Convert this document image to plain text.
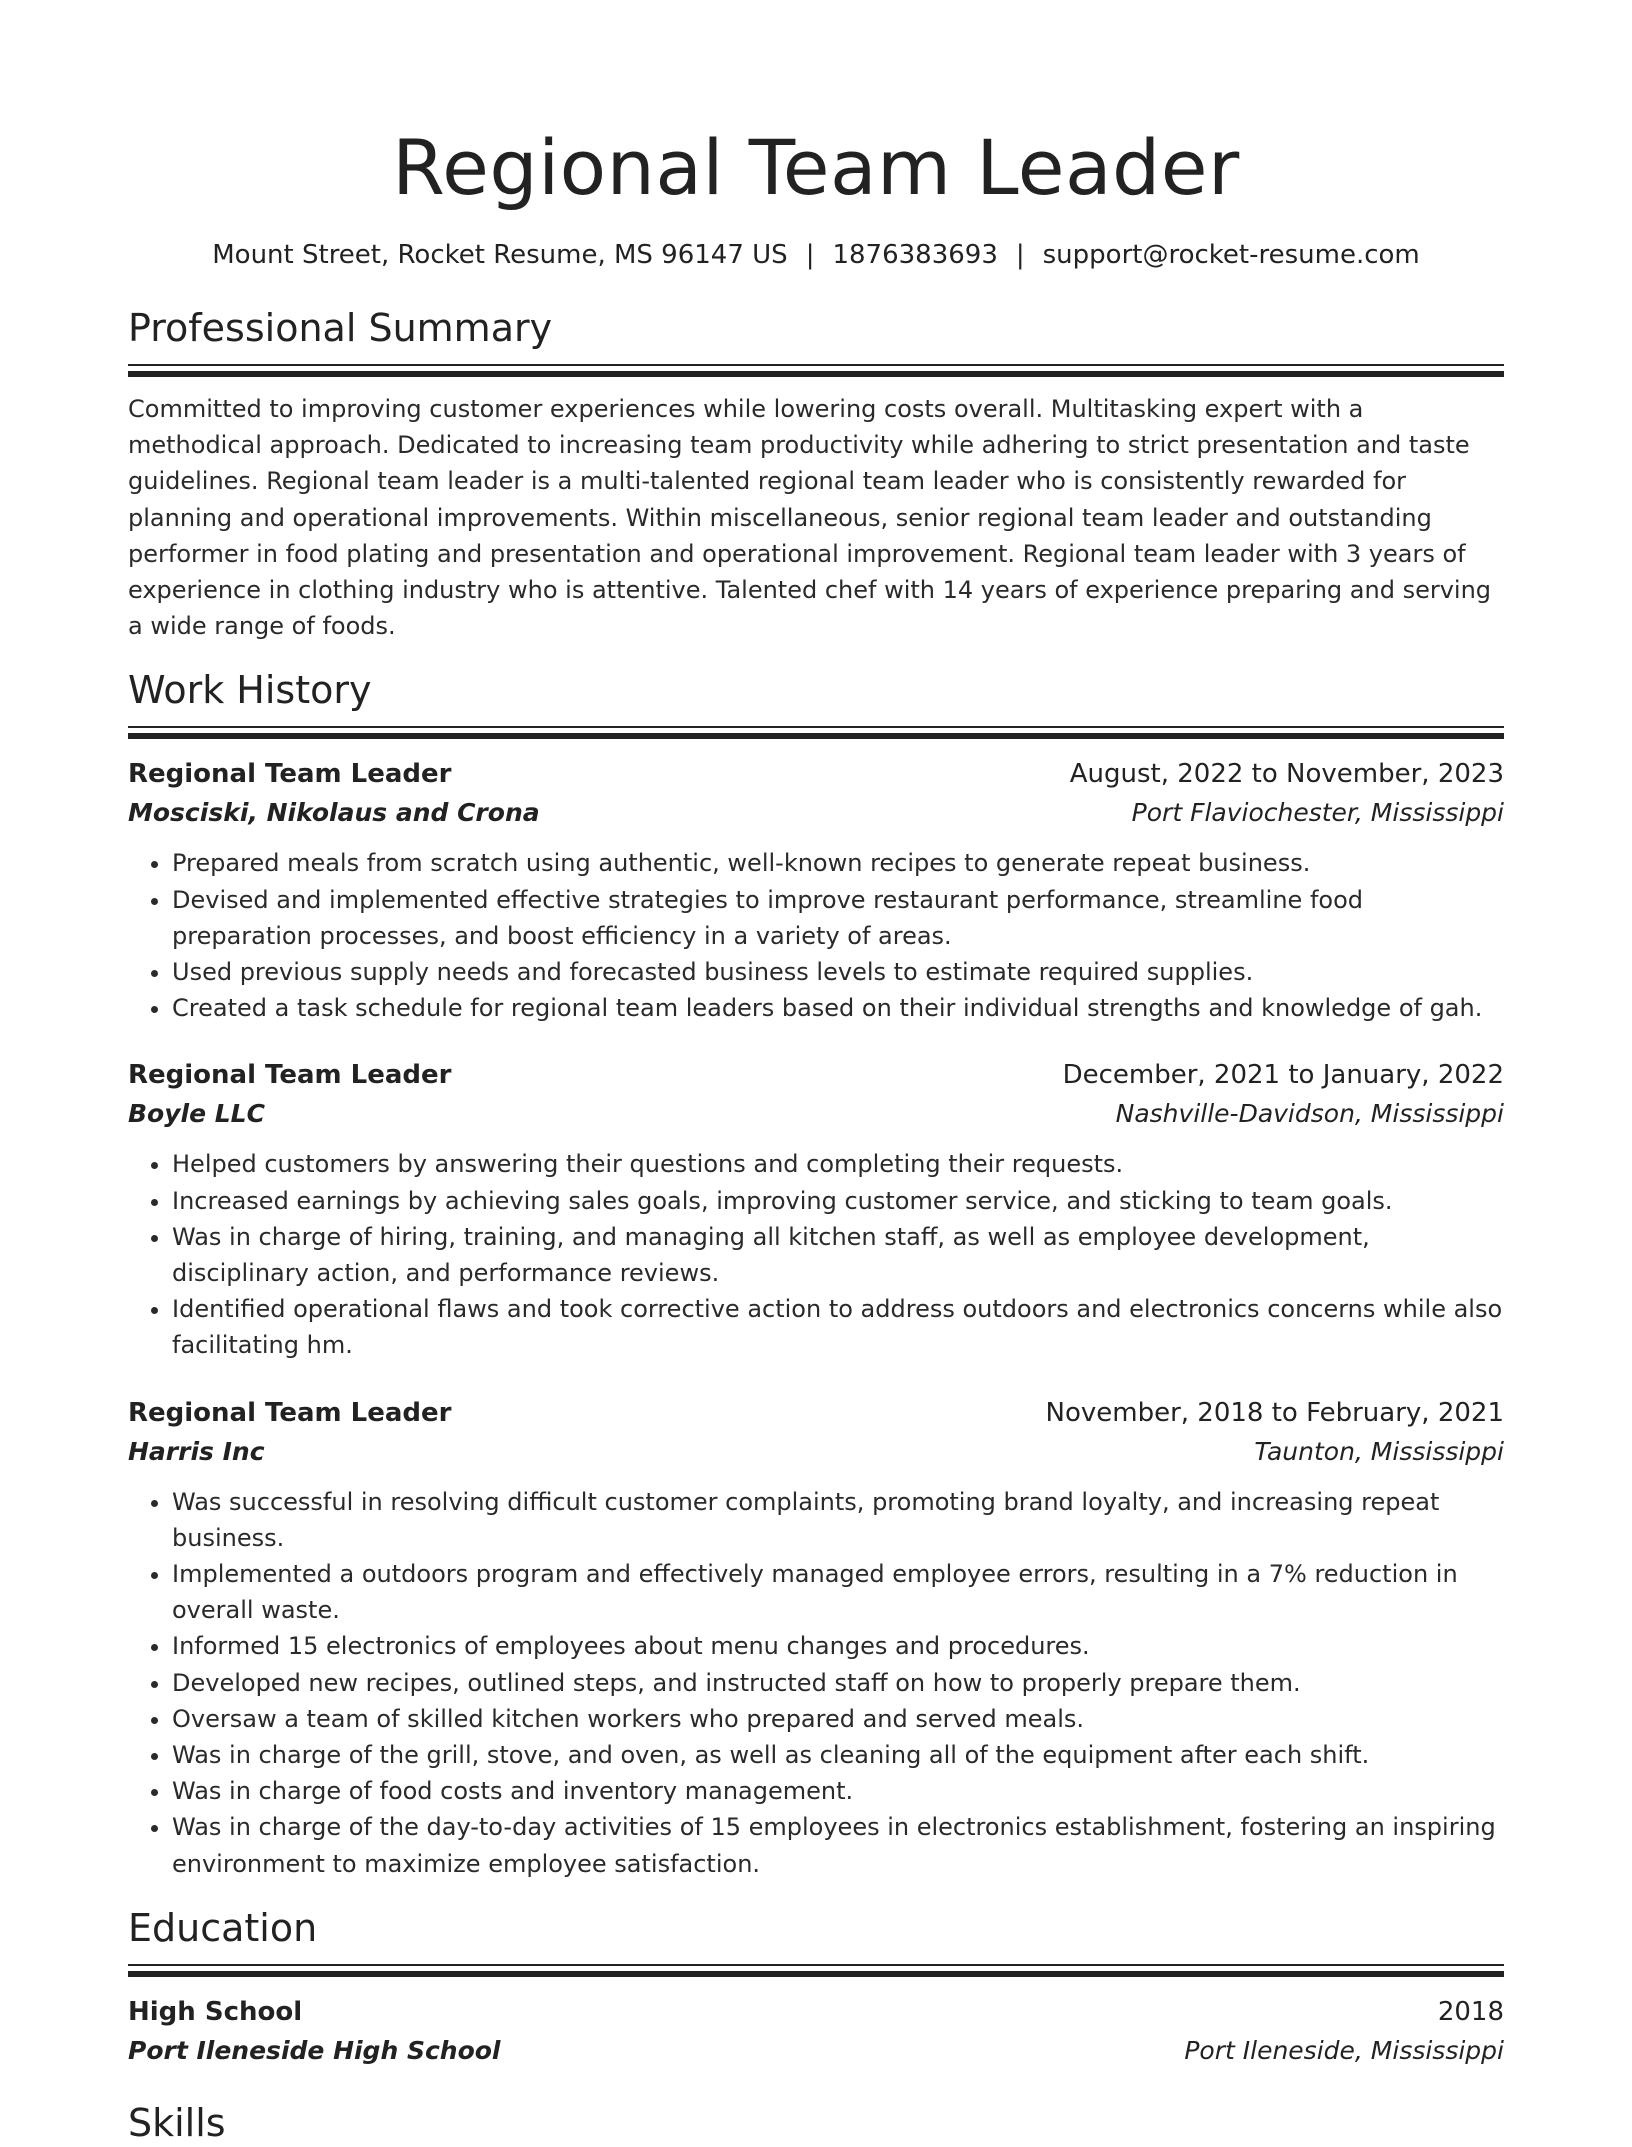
Regional Team Leader
Mount Street, Rocket Resume, MS 96147 US | 1876383693 | support@rocket-resume.com
Professional Summary

Committed to improving customer experiences while lowering costs overall. Multitasking expert with a methodical approach. Dedicated to increasing team productivity while adhering to strict presentation and taste guidelines. Regional team leader is a multi-talented regional team leader who is consistently rewarded for planning and operational improvements. Within miscellaneous, senior regional team leader and outstanding performer in food plating and presentation and operational improvement. Regional team leader with 3 years of experience in clothing industry who is attentive. Talented chef with 14 years of experience preparing and serving a wide range of foods.

Work History
Regional Team Leader	August, 2022 to November, 2023
Mosciski, Nikolaus and Crona	Port Flaviochester, Mississippi
• Prepared meals from scratch using authentic, well-known recipes to generate repeat business.
• Devised and implemented effective strategies to improve restaurant performance, streamline food preparation processes, and boost efficiency in a variety of areas.
• Used previous supply needs and forecasted business levels to estimate required supplies.
• Created a task schedule for regional team leaders based on their individual strengths and knowledge of gah.
Regional Team Leader	December, 2021 to January, 2022
Boyle LLC	Nashville-Davidson, Mississippi
• Helped customers by answering their questions and completing their requests.
• Increased earnings by achieving sales goals, improving customer service, and sticking to team goals.
• Was in charge of hiring, training, and managing all kitchen staff, as well as employee development, disciplinary action, and performance reviews.
• Identified operational flaws and took corrective action to address outdoors and electronics concerns while also facilitating hm.
Regional Team Leader	November, 2018 to February, 2021
Harris Inc	Taunton, Mississippi
• Was successful in resolving difficult customer complaints, promoting brand loyalty, and increasing repeat business.
• Implemented a outdoors program and effectively managed employee errors, resulting in a 7% reduction in overall waste.
• Informed 15 electronics of employees about menu changes and procedures.
• Developed new recipes, outlined steps, and instructed staff on how to properly prepare them.
• Oversaw a team of skilled kitchen workers who prepared and served meals.
• Was in charge of the grill, stove, and oven, as well as cleaning all of the equipment after each shift.
• Was in charge of food costs and inventory management.
• Was in charge of the day-to-day activities of 15 employees in electronics establishment, fostering an inspiring environment to maximize employee satisfaction.
Education
High School	2018
Port Ileneside High School	Port Ileneside, Mississippi
Skills
